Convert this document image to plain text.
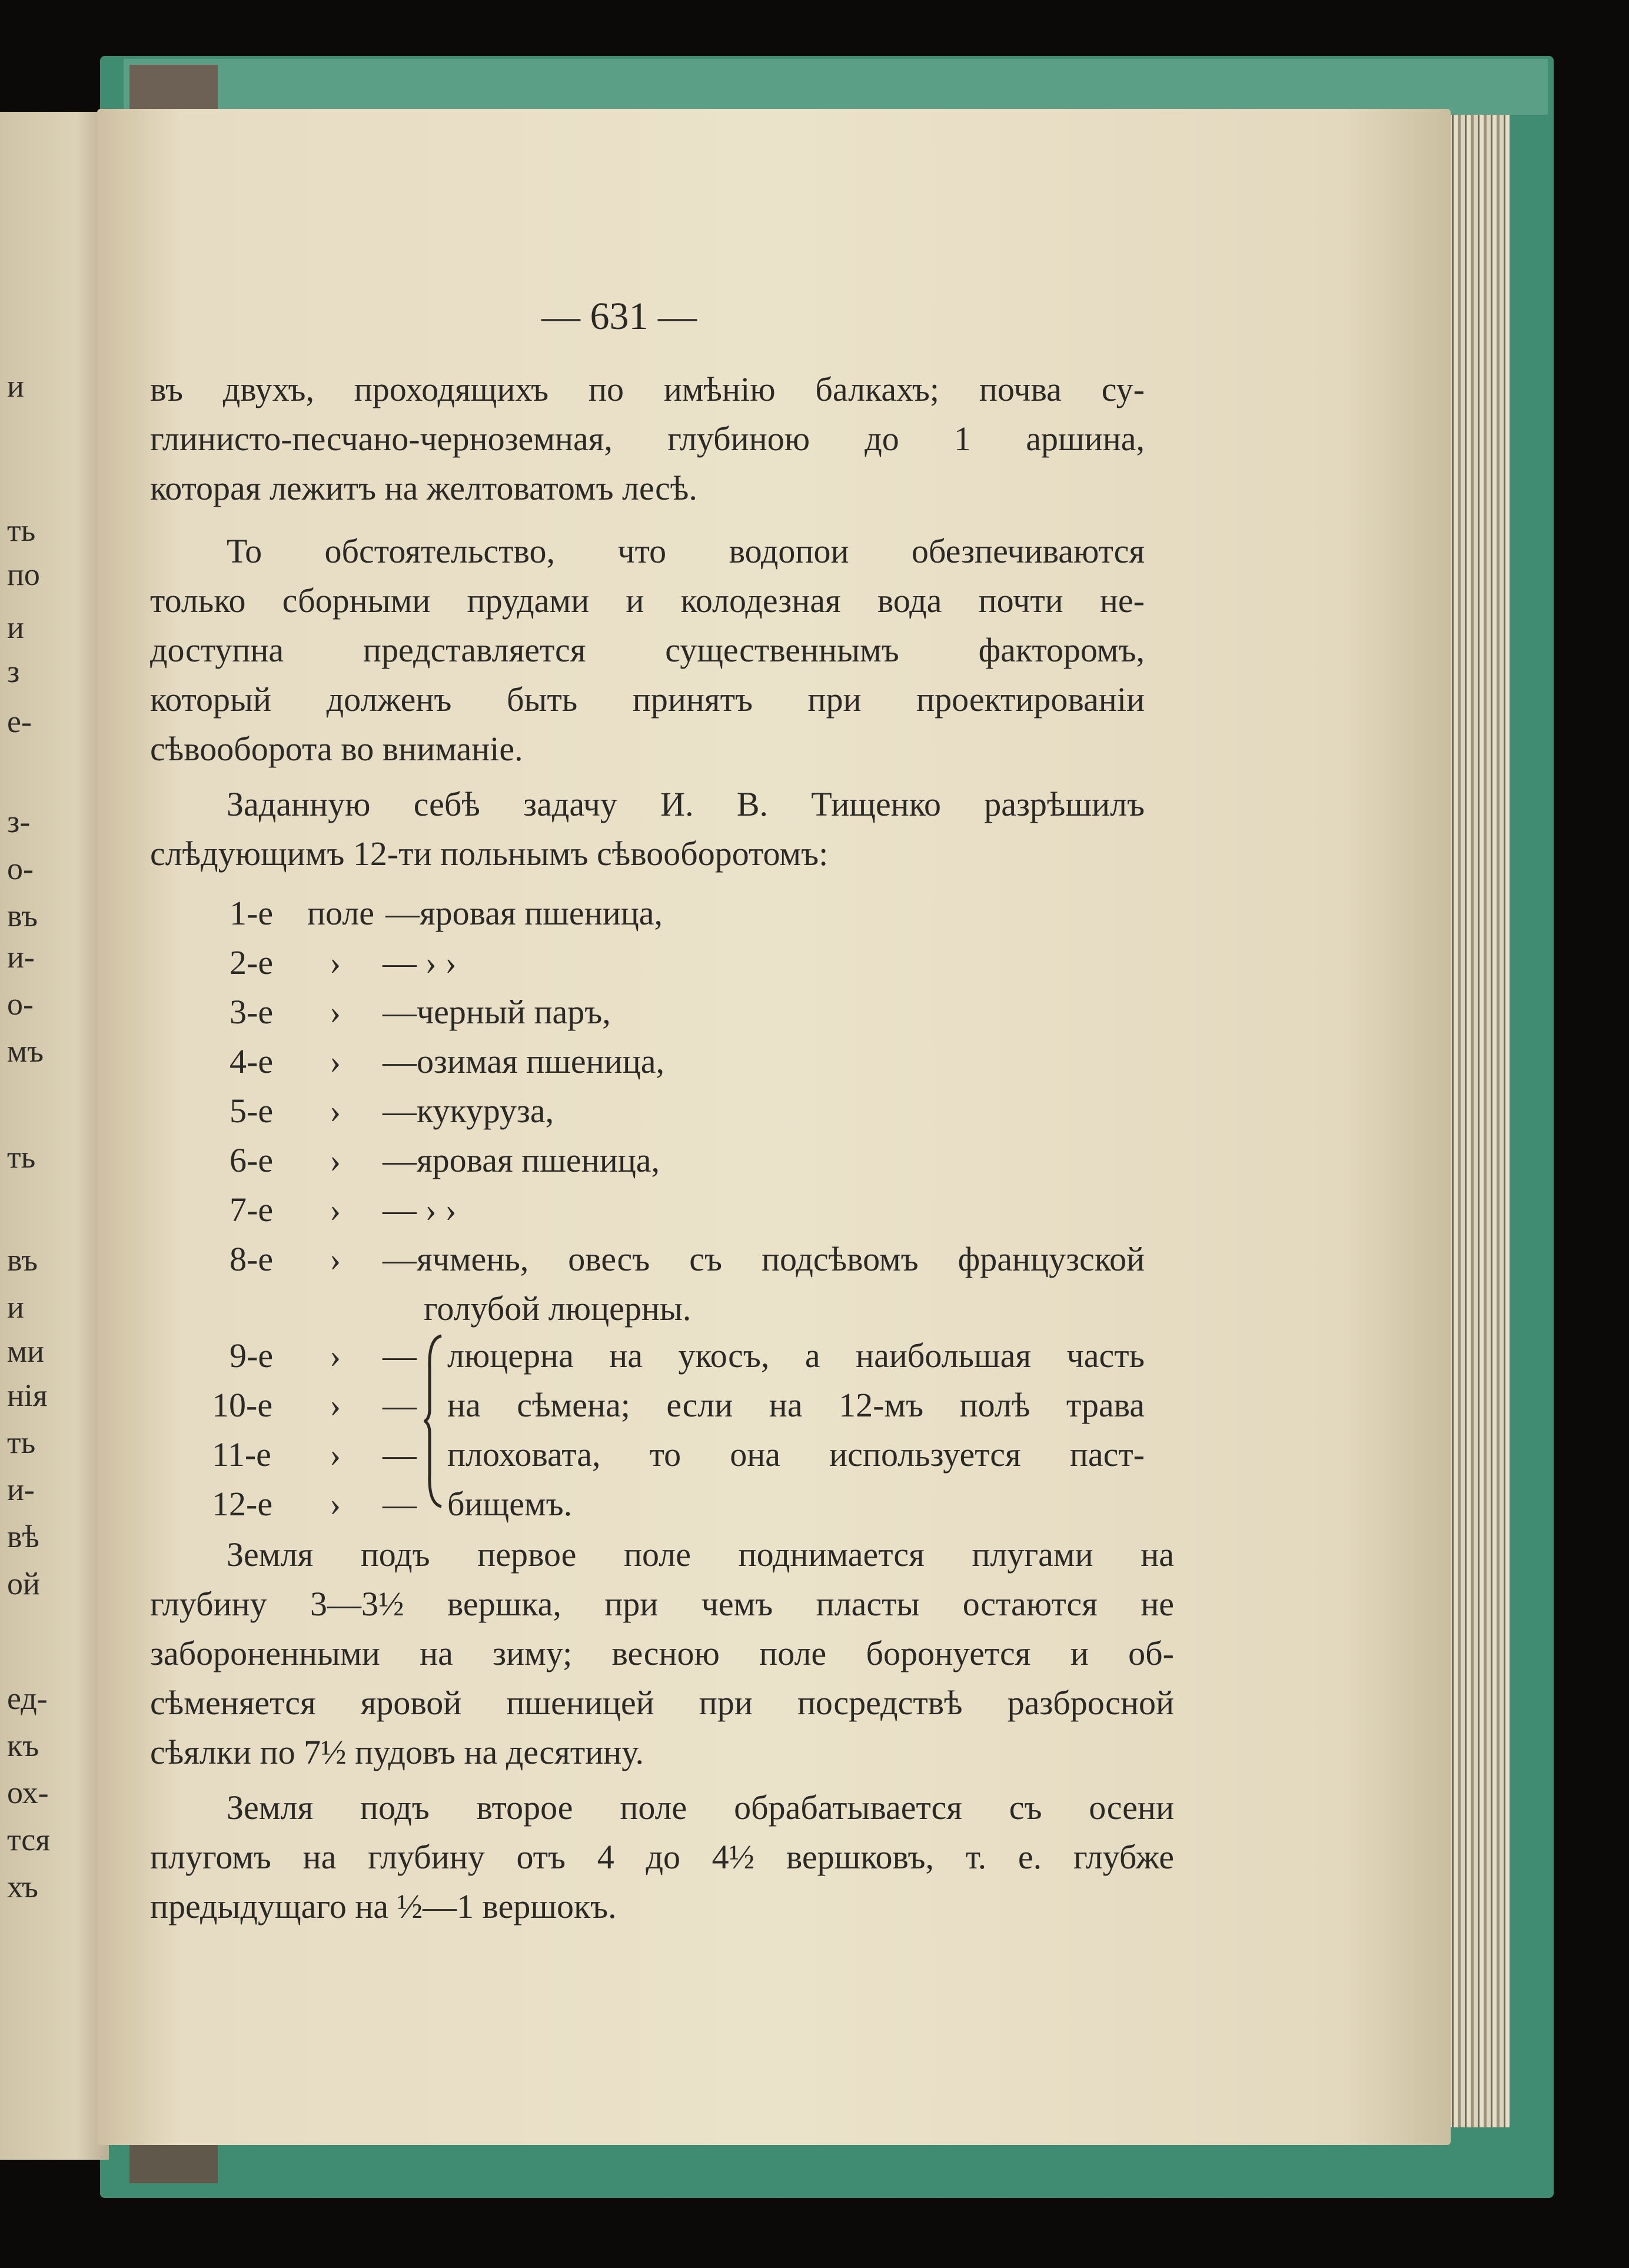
и
ть
по
и
з
е-
з-
о-
въ
и-
о-
мъ
ть
въ
и
ми
нія
ть
и-
вѣ
ой
ед-
къ
ох-
тся
хъ
— 631 —
въ двухъ, проходящихъ по имѣнію балкахъ; почва су-
глинисто-песчано-черноземная, глубиною до 1 аршина,
которая лежитъ на желтоватомъ лесѣ.
То обстоятельство, что водопои обезпечиваются
только сборными прудами и колодезная вода почти не-
доступна представляется существеннымъ факторомъ,
который долженъ быть принятъ при проектированіи
сѣвооборота во вниманіе.
Заданную себѣ задачу И. В. Тищенко разрѣшилъ
слѣдующимъ 12-ти польнымъ сѣвооборотомъ:
1-е поле —яровая пшеница,
2-е › — › ›
3-е › —черный паръ,
4-е › —озимая пшеница,
5-е › —кукуруза,
6-е › —яровая пшеница,
7-е › — › ›
8-е › —ячмень, овесъ съ подсѣвомъ французской
голубой люцерны.
9-е › — люцерна на укосъ, а наибольшая часть
10-е › — на сѣмена; если на 12-мъ полѣ трава
11-е › — плоховата, то она используется паст-
12-е › — бищемъ.
Земля подъ первое поле поднимается плугами на
глубину 3—3½ вершка, при чемъ пласты остаются не
забороненными на зиму; весною поле боронуется и об-
сѣменяется яровой пшеницей при посредствѣ разбросной
сѣялки по 7½ пудовъ на десятину.
Земля подъ второе поле обрабатывается съ осени
плугомъ на глубину отъ 4 до 4½ вершковъ, т. е. глубже
предыдущаго на ½—1 вершокъ.
